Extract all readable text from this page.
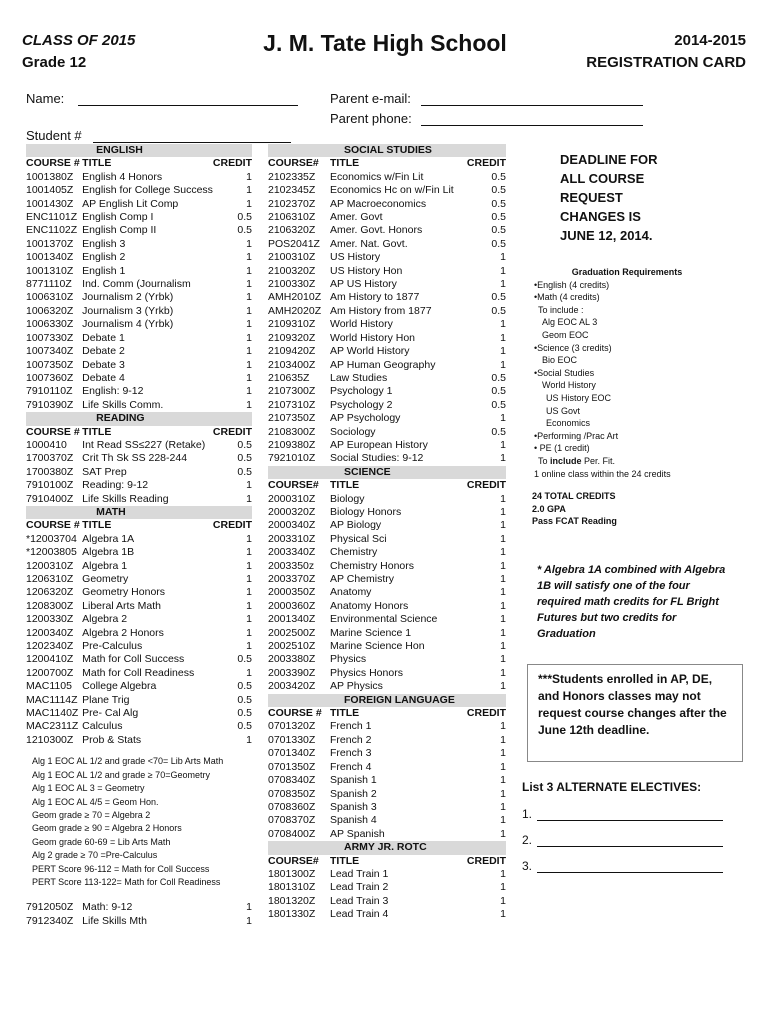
CLASS OF 2015
Grade 12
J. M. Tate High School	2014-2015
REGISTRATION CARD
Name:	Parent e-mail:
Parent phone:
Student #
	ENGLISH	
COURSE #	TITLE	CREDIT
1001380Z	English 4 Honors	1
1001405Z	English for College Success	1
1001430Z	AP English Lit Comp	1
ENC1101Z	English Comp I	0.5
ENC1102Z	English Comp II	0.5
1001370Z	English 3	1
1001340Z	English 2	1
1001310Z	English 1	1
8771110Z	Ind. Comm (Journalism	1
1006310Z	Journalism 2 (Yrbk)	1
1006320Z	Journalism 3 (Yrkb)	1
1006330Z	Journalism 4 (Yrbk)	1
1007330Z	Debate 1	1
1007340Z	Debate 2	1
1007350Z	Debate 3	1
1007360Z	Debate 4	1
7910110Z	English: 9-12	1
7910390Z	Life Skills Comm.	1
	READING	
COURSE #	TITLE	CREDIT
1000410	Int Read SS≤227 (Retake)	0.5
1700370Z	Crit Th Sk SS 228-244	0.5
1700380Z	SAT Prep	0.5
7910100Z	Reading: 9-12	1
7910400Z	Life Skills Reading	1
	MATH	
COURSE #	TITLE	CREDIT
*12003704	Algebra 1A	1
*12003805	Algebra 1B	1
1200310Z	Algebra 1	1
1206310Z	Geometry	1
1206320Z	Geometry Honors	1
1208300Z	Liberal Arts Math	1
1200330Z	Algebra 2	1
1200340Z	Algebra 2 Honors	1
1202340Z	Pre-Calculus	1
1200410Z	Math for Coll Success	0.5
1200700Z	Math for Coll Readiness	1
MAC1105	College Algebra	0.5
MAC1114Z	Plane Trig	0.5
MAC1140Z	Pre- Cal Alg	0.5
MAC2311Z	Calculus	0.5
1210300Z	Prob & Stats	1

Alg 1 EOC AL 1/2 and grade <70= Lib Arts Math		
Alg 1 EOC AL 1/2 and grade ≥ 70=Geometry		
Alg 1 EOC AL 3 = Geometry		
Alg 1 EOC AL 4/5 = Geom Hon.		
Geom grade ≥ 70 = Algebra 2		
Geom grade ≥ 90 = Algebra 2 Honors		
Geom grade 60-69 = Lib Arts Math		
Alg 2 grade ≥ 70 =Pre-Calculus		
PERT Score 96-112 = Math for Coll Success		
PERT Score 113-122= Math for Coll Readiness		

7912050Z	Math: 9-12	1
7912340Z	Life Skills Mth	1
	SOCIAL STUDIES	
COURSE#	TITLE	CREDIT
2102335Z	Economics w/Fin Lit	0.5
2102345Z	Economics Hc on w/Fin Lit	0.5
2102370Z	AP Macroeconomics	0.5
2106310Z	Amer. Govt	0.5
2106320Z	Amer. Govt. Honors	0.5
POS2041Z	Amer. Nat. Govt.	0.5
2100310Z	US History	1
2100320Z	US History Hon	1
2100330Z	AP US History	1
AMH2010Z	Am History to 1877	0.5
AMH2020Z	Am History from 1877	0.5
2109310Z	World History	1
2109320Z	World History Hon	1
2109420Z	AP World History	1
2103400Z	AP Human Geography	1
210635Z	Law Studies	0.5
2107300Z	Psychology 1	0.5
2107310Z	Psychology 2	0.5
2107350Z	AP Psychology	1
2108300Z	Sociology	0.5
2109380Z	AP European History	1
7921010Z	Social Studies: 9-12	1
	SCIENCE	
COURSE#	TITLE	CREDIT
2000310Z	Biology	1
2000320Z	Biology Honors	1
2000340Z	AP Biology	1
2003310Z	Physical Sci	1
2003340Z	Chemistry	1
2003350z	Chemistry Honors	1
2003370Z	AP Chemistry	1
2000350Z	Anatomy	1
2000360Z	Anatomy Honors	1
2001340Z	Environmental Science	1
2002500Z	Marine Science 1	1
2002510Z	Marine Science Hon	1
2003380Z	Physics	1
2003390Z	Physics Honors	1
2003420Z	AP Physics	1
	FOREIGN LANGUAGE	
COURSE #	TITLE	CREDIT
0701320Z	French 1	1
0701330Z	French 2	1
0701340Z	French 3	1
0701350Z	French 4	1
0708340Z	Spanish 1	1
0708350Z	Spanish 2	1
0708360Z	Spanish 3	1
0708370Z	Spanish 4	1
0708400Z	AP Spanish	1
	ARMY JR. ROTC	
COURSE#	TITLE	CREDIT
1801300Z	Lead Train 1	1
1801310Z	Lead Train 2	1
1801320Z	Lead Train 3	1
1801330Z	Lead Train 4	1
DEADLINE FOR
ALL COURSE
REQUEST
CHANGES IS
JUNE 12, 2014.
Graduation Requirements
•English (4 credits)
•Math (4 credits)
To include :
Alg EOC AL 3
Geom EOC
•Science (3 credits)
Bio EOC
•Social Studies
World History
US History EOC
US Govt
Economics
•Performing /Prac Art
• PE (1 credit)
To include Per. Fit.
1 online class within the 24 credits
24 TOTAL CREDITS
2.0 GPA
Pass FCAT Reading
* Algebra 1A combined with Algebra 1B will satisfy one of the four required math credits for FL Bright Futures but two credits for Graduation
***Students enrolled in AP, DE, and Honors classes may not request course changes after the June 12th deadline.
List 3 ALTERNATE ELECTIVES:
1.
2.
3.
